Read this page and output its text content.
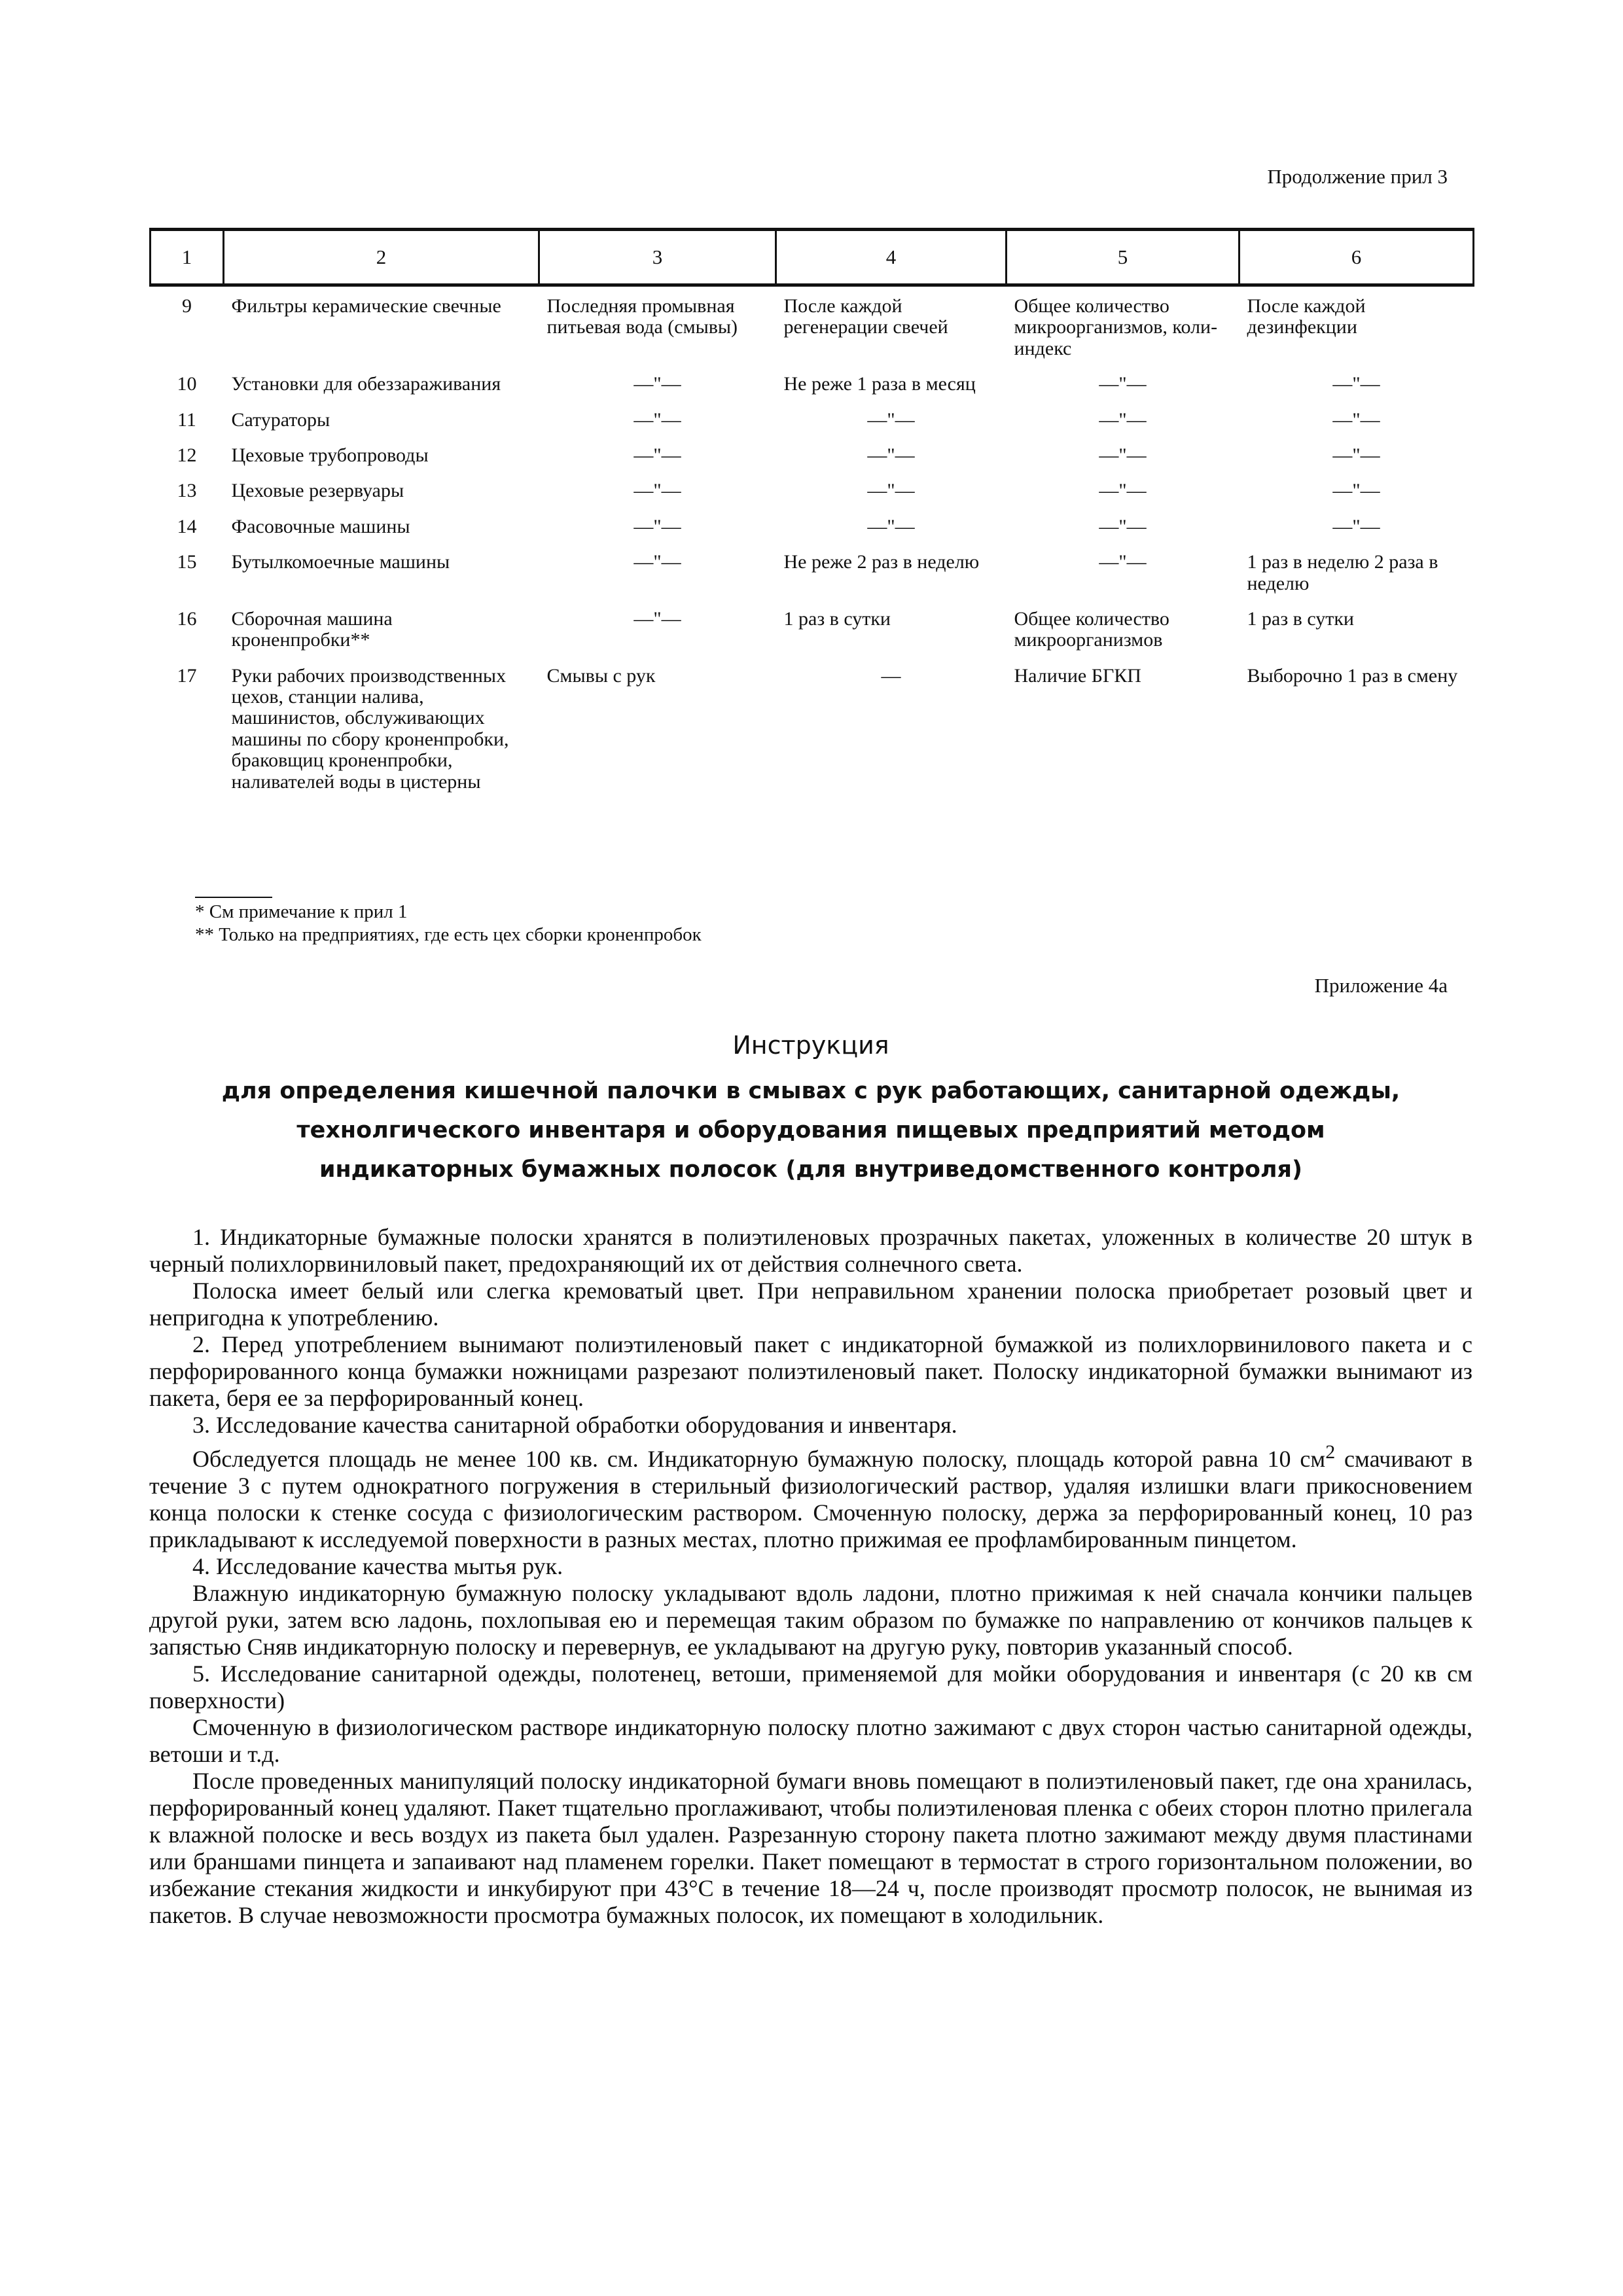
Продолжение прил 3
1	2	3	4	5	6
9	Фильтры керамические свечные	Последняя промывная питьевая вода (смывы)	После каждой регенерации свечей	Общее количество микроорганизмов, коли-индекс	После каждой дезинфекции
10	Установки для обеззараживания	—"—	Не реже 1 раза в месяц	—"—	—"—
11	Сатураторы	—"—	—"—	—"—	—"—
12	Цеховые трубопроводы	—"—	—"—	—"—	—"—
13	Цеховые резервуары	—"—	—"—	—"—	—"—
14	Фасовочные машины	—"—	—"—	—"—	—"—
15	Бутылкомоечные машины	—"—	Не реже 2 раз в неделю	—"—	1 раз в неделю 2 раза в неделю
16	Сборочная машина кроненпробки**	—"—	1 раз в сутки	Общее количество микроорганизмов	1 раз в сутки
17	Руки рабочих производственных цехов, станции налива, машинистов, обслуживающих машины по сбору кроненпробки, браковщиц кроненпробки, наливателей воды в цистерны	Смывы с рук	—	Наличие БГКП	Выборочно 1 раз в смену
* См примечание к прил 1
** Только на предприятиях, где есть цех сборки кроненпробок
Приложение 4а
Инструкция
для определения кишечной палочки в смывах с рук работающих, санитарной одежды,
технолгического инвентаря и оборудования пищевых предприятий методом
индикаторных бумажных полосок (для внутриведомственного контроля)

1. Индикаторные бумажные полоски хранятся в полиэтиленовых прозрачных пакетах, уложенных в количестве 20 штук в черный полихлорвиниловый пакет, предохраняющий их от действия солнечного света.

Полоска имеет белый или слегка кремоватый цвет. При неправильном хранении полоска приобретает розовый цвет и непригодна к употреблению.

2. Перед употреблением вынимают полиэтиленовый пакет с индикаторной бумажкой из полихлорвинилового пакета и с перфорированного конца бумажки ножницами разрезают полиэтиленовый пакет. Полоску индикаторной бумажки вынимают из пакета, беря ее за перфорированный конец.

3. Исследование качества санитарной обработки оборудования и инвентаря.

Обследуется площадь не менее 100 кв. см. Индикаторную бумажную полоску, площадь которой равна 10 $см^2$ смачивают в течение 3 с путем однократного погружения в стерильный физиологический раствор, удаляя излишки влаги прикосновением конца полоски к стенке сосуда с физиологическим раствором. Смоченную полоску, держа за перфорированный конец, 10 раз прикладывают к исследуемой поверхности в разных местах, плотно прижимая ее профламбированным пинцетом.

4. Исследование качества мытья рук.

Влажную индикаторную бумажную полоску укладывают вдоль ладони, плотно прижимая к ней сначала кончики пальцев другой руки, затем всю ладонь, похлопывая ею и перемещая таким образом по бумажке по направлению от кончиков пальцев к запястью Сняв индикаторную полоску и перевернув, ее укладывают на другую руку, повторив указанный способ.

5. Исследование санитарной одежды, полотенец, ветоши, применяемой для мойки оборудования и инвентаря (с 20 кв см поверхности)

Смоченную в физиологическом растворе индикаторную полоску плотно зажимают с двух сторон частью санитарной одежды, ветоши и т.д.

После проведенных манипуляций полоску индикаторной бумаги вновь помещают в полиэтиленовый пакет, где она хранилась, перфорированный конец удаляют. Пакет тщательно проглаживают, чтобы полиэтиленовая пленка с обеих сторон плотно прилегала к влажной полоске и весь воздух из пакета был удален. Разрезанную сторону пакета плотно зажимают между двумя пластинами или браншами пинцета и запаивают над пламенем горелки. Пакет помещают в термостат в строго горизонтальном положении, во избежание стекания жидкости и инкубируют при 43°С в течение 18—24 ч, после производят просмотр полосок, не вынимая из пакетов. В случае невозможности просмотра бумажных полосок, их помещают в холодильник.
